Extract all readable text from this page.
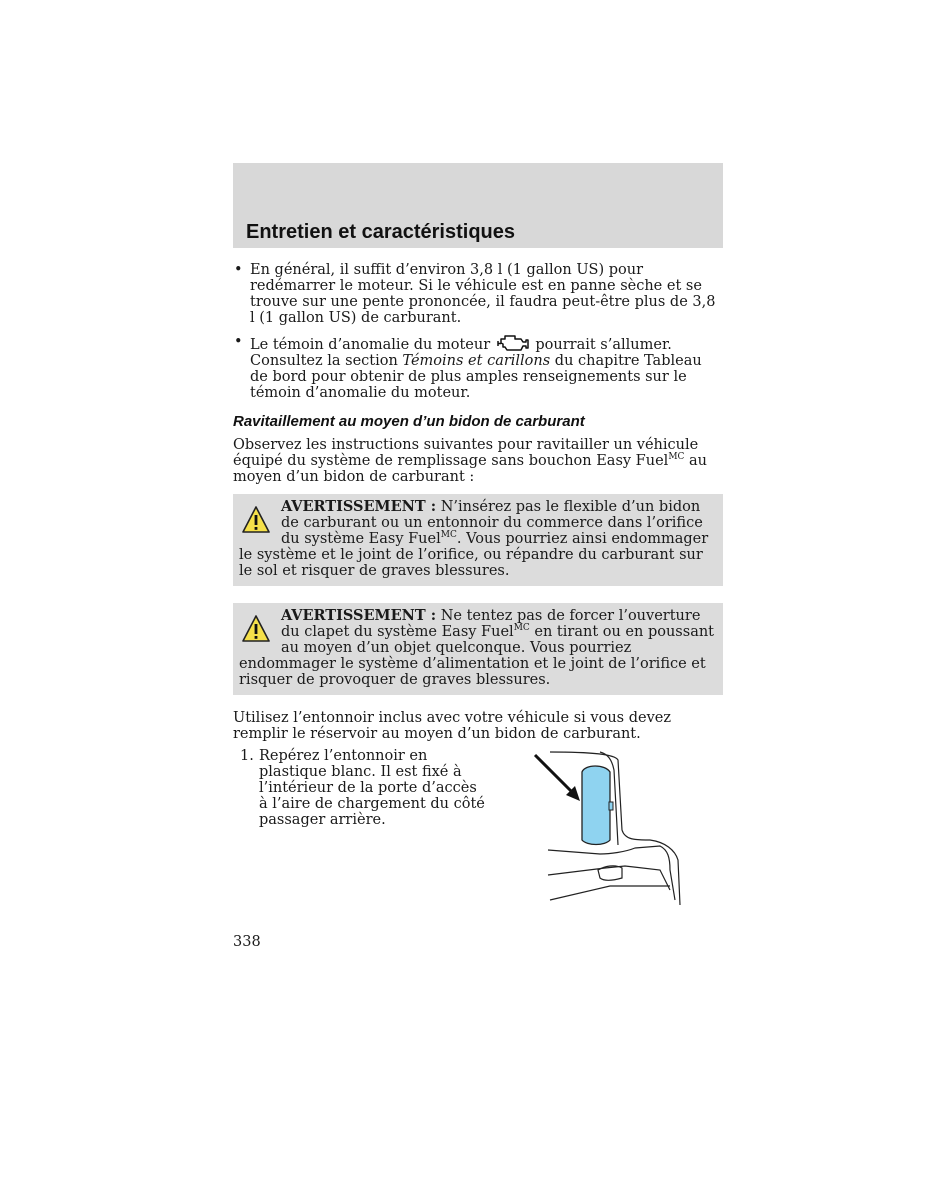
Entretien et caractéristiques
• En général, il suffit d’environ 3,8 l (1 gallon US) pour redémarrer le moteur. Si le véhicule est en panne sèche et se trouve sur une pente prononcée, il faudra peut-être plus de 3,8 l (1 gallon US) de carburant.
• Le témoin d’anomalie du moteur	pourrait s’allumer. Consultez la section Témoins et carillons du chapitre Tableau de bord pour obtenir de plus amples renseignements sur le témoin d’anomalie du moteur.
Ravitaillement au moyen d’un bidon de carburant

Observez les instructions suivantes pour ravitailler un véhicule équipé du système de remplissage sans bouchon Easy Fuel$^{MC}$ au moyen d’un bidon de carburant :

AVERTISSEMENT : N’insérez pas le flexible d’un bidon de carburant ou un entonnoir du commerce dans l’orifice du système Easy Fuel$^{MC}$. Vous pourriez ainsi endommager le système et le joint de l’orifice, ou répandre du carburant sur le sol et risquer de graves blessures.

AVERTISSEMENT : Ne tentez pas de forcer l’ouverture du clapet du système Easy Fuel$^{MC}$ en tirant ou en poussant au moyen d’un objet quelconque. Vous pourriez endommager le système d’alimentation et le joint de l’orifice et risquer de provoquer de graves blessures.

Utilisez l’entonnoir inclus avec votre véhicule si vous devez remplir le réservoir au moyen d’un bidon de carburant.

1. Repérez l’entonnoir en plastique blanc. Il est fixé à l’intérieur de la porte d’accès à l’aire de chargement du côté passager arrière.
338
